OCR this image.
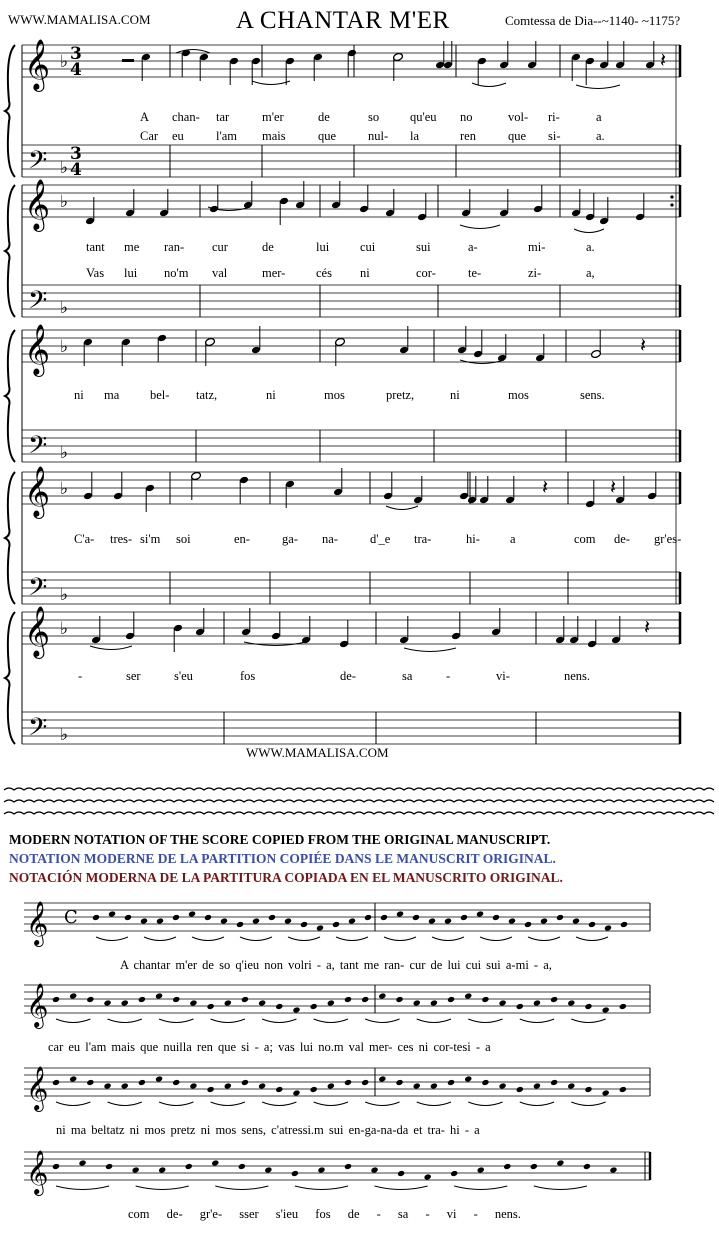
WWW.MAMALISA.COM	A CHANTAR M'ER	Comtessa de Dia--~1140- ~1175?
𝄞
𝄢
♭
♭
3
4
3
4
𝄞
𝄢
♭
♭
𝄞
𝄢
♭
♭
𝄞
𝄢
♭
♭
𝄞
𝄢
♭
♭
𝄽
𝄽
𝄽
𝄽
𝄽
𝄞 C
𝄞
𝄞
𝄞
A chan- tar	m'er	de	so qu'eu no	vol- ri-	a
Car eu	l'am mais	que	nul- la	ren	que si-	a.
tant me ran- cur	de	lui cui	sui	a-	mi-	a.
Vas lui no'm val	mer- cés ni	cor-	te-	zi-	a,
ni ma bel- tatz,	ni	mos	pretz,	ni	mos	sens.
C'a- tres- si'm soi	en-	ga- na-	d'_e tra-	hi- a	com de- gr'es-
-	ser	s'eu	fos	de-	sa	-	vi-	nens.
WWW.MAMALISA.COM
MODERN NOTATION OF THE SCORE COPIED FROM THE ORIGINAL MANUSCRIPT.
NOTATION MODERNE DE LA PARTITION COPIÉE DANS LE MANUSCRIT ORIGINAL.
NOTACIÓN MODERNA DE LA PARTITURA COPIADA EN EL MANUSCRITO ORIGINAL.
A chantar m'er de so q'ieu non volri - a, tant me ran- cur de lui cui sui a-mi - a,
car eu l'am mais que nuilla ren que si - a; vas lui no.m val mer- ces ni cor-tesi - a
ni ma beltatz ni mos pretz ni mos sens, c'atressi.m sui en-ga-na-da et tra- hi - a
com de- gr'e- sser s'ieu fos de - sa - vi - nens.
